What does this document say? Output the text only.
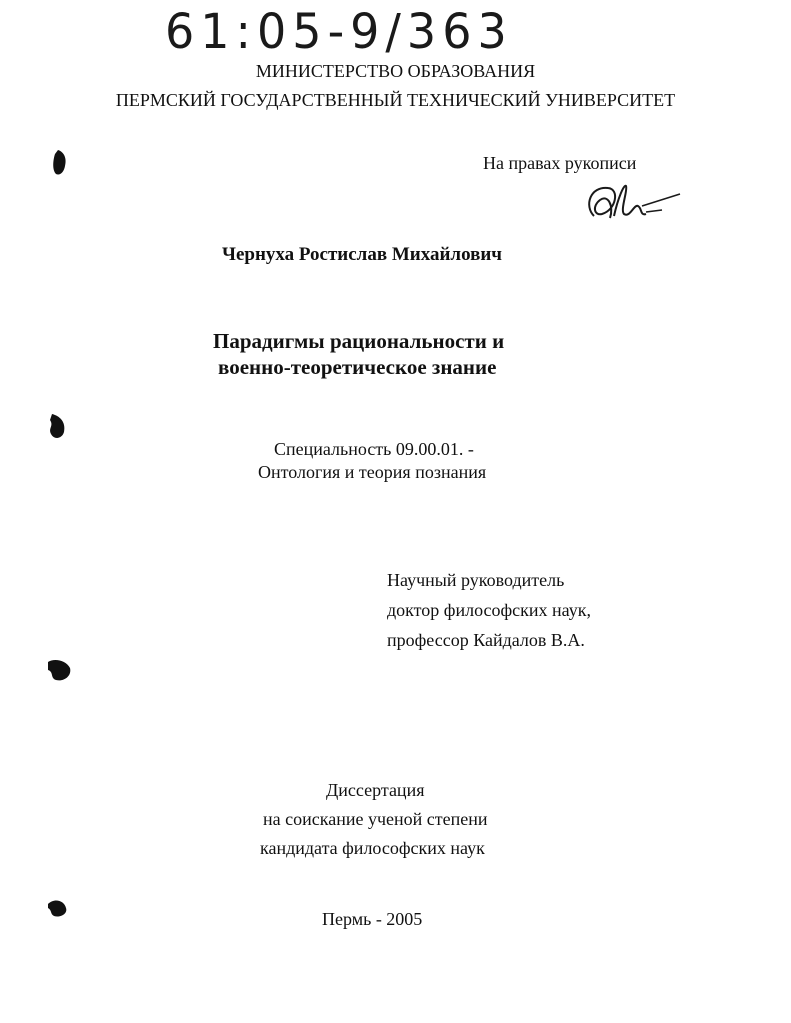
61:05-9/363
МИНИСТЕРСТВО ОБРАЗОВАНИЯ
ПЕРМСКИЙ ГОСУДАРСТВЕННЫЙ ТЕХНИЧЕСКИЙ УНИВЕРСИТЕТ
На правах рукописи
Чернуха Ростислав Михайлович
Парадигмы рациональности и
военно-теоретическое знание
Специальность 09.00.01. -
Онтология и теория познания
Научный руководитель
доктор философских наук,
профессор Кайдалов В.А.
Диссертация
на соискание ученой степени
кандидата философских наук
Пермь - 2005
